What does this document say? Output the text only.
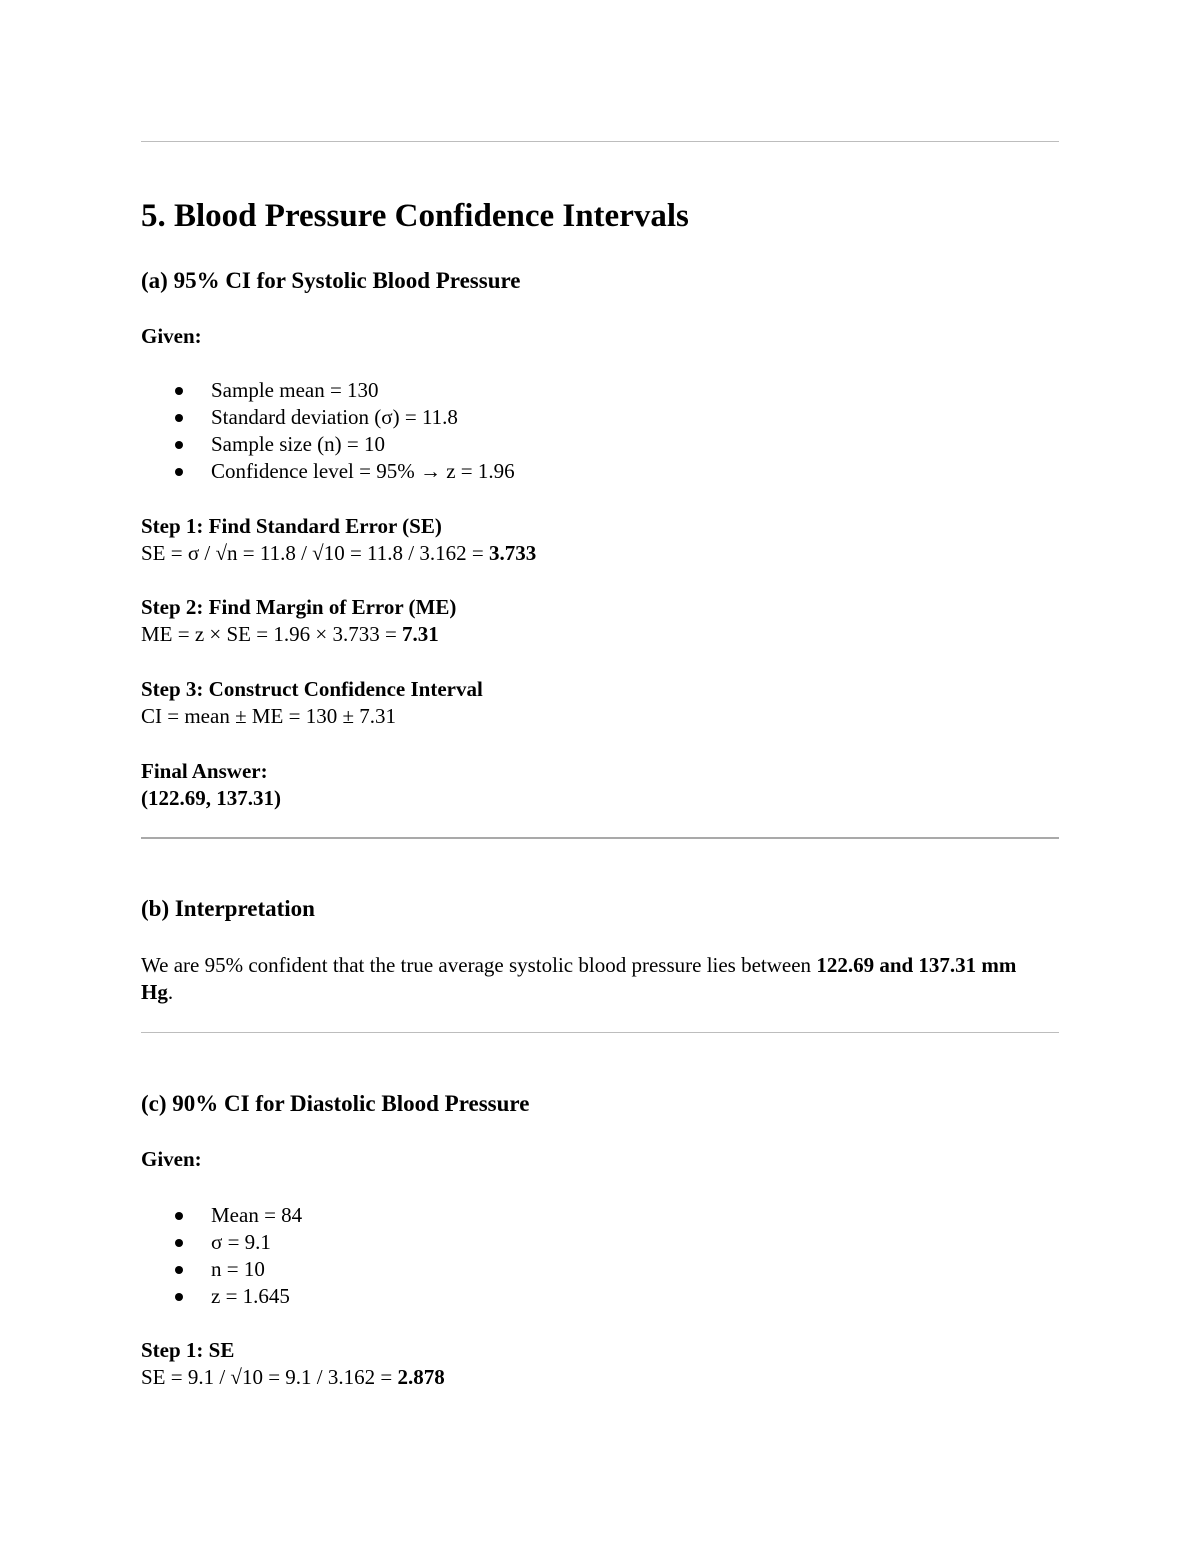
5. Blood Pressure Confidence Intervals
(a) 95% CI for Systolic Blood Pressure
Given:
Sample mean = 130
Standard deviation (σ) = 11.8
Sample size (n) = 10
Confidence level = 95% → z = 1.96
Step 1: Find Standard Error (SE)
SE = σ / √n = 11.8 / √10 = 11.8 / 3.162 = 3.733
Step 2: Find Margin of Error (ME)
ME = z × SE = 1.96 × 3.733 = 7.31
Step 3: Construct Confidence Interval
CI = mean ± ME = 130 ± 7.31
Final Answer:
(122.69, 137.31)
(b) Interpretation
We are 95% confident that the true average systolic blood pressure lies between 122.69 and 137.31 mm Hg.
(c) 90% CI for Diastolic Blood Pressure
Given:
Mean = 84
σ = 9.1
n = 10
z = 1.645
Step 1: SE
SE = 9.1 / √10 = 9.1 / 3.162 = 2.878
